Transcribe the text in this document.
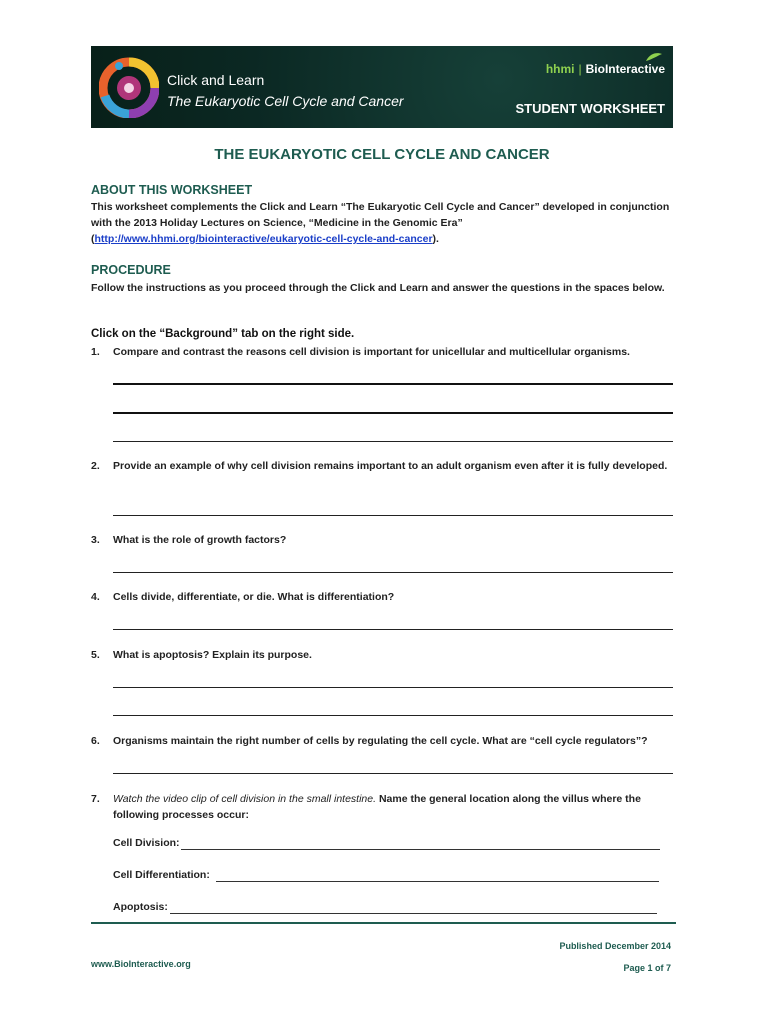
Click and Learn
The Eukaryotic Cell Cycle and Cancer
hhmi | BioInteractive
STUDENT WORKSHEET
THE EUKARYOTIC CELL CYCLE AND CANCER
ABOUT THIS WORKSHEET
This worksheet complements the Click and Learn “The Eukaryotic Cell Cycle and Cancer” developed in conjunction with the 2013 Holiday Lectures on Science, “Medicine in the Genomic Era” (http://www.hhmi.org/biointeractive/eukaryotic-cell-cycle-and-cancer).
PROCEDURE
Follow the instructions as you proceed through the Click and Learn and answer the questions in the spaces below.
Click on the “Background” tab on the right side.
1. Compare and contrast the reasons cell division is important for unicellular and multicellular organisms.
2. Provide an example of why cell division remains important to an adult organism even after it is fully developed.
3. What is the role of growth factors?
4. Cells divide, differentiate, or die. What is differentiation?
5. What is apoptosis? Explain its purpose.
6. Organisms maintain the right number of cells by regulating the cell cycle. What are “cell cycle regulators”?
7. Watch the video clip of cell division in the small intestine. Name the general location along the villus where the following processes occur:
Cell Division:
Cell Differentiation:
Apoptosis:
Published December 2014
www.BioInteractive.org	Page 1 of 7
